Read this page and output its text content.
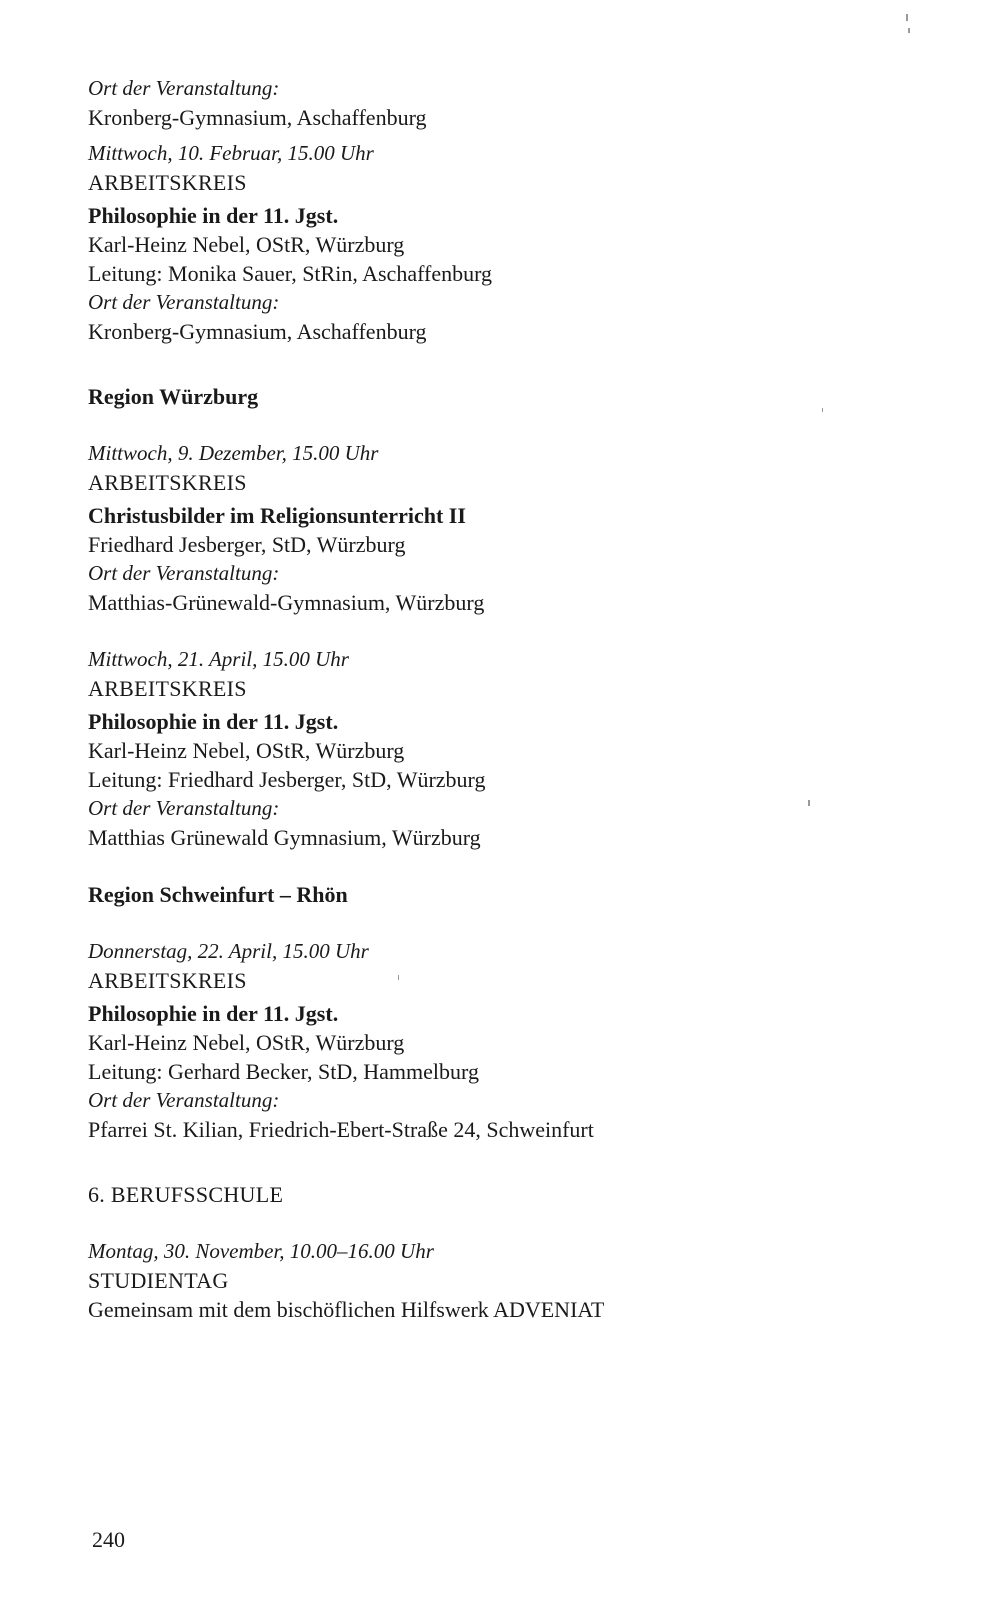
Ort der Veranstaltung:
Kronberg-Gymnasium, Aschaffenburg
Mittwoch, 10. Februar, 15.00 Uhr
ARBEITSKREIS
Philosophie in der 11. Jgst.
Karl-Heinz Nebel, OStR, Würzburg
Leitung: Monika Sauer, StRin, Aschaffenburg
Ort der Veranstaltung:
Kronberg-Gymnasium, Aschaffenburg
Region Würzburg
Mittwoch, 9. Dezember, 15.00 Uhr
ARBEITSKREIS
Christusbilder im Religionsunterricht II
Friedhard Jesberger, StD, Würzburg
Ort der Veranstaltung:
Matthias-Grünewald-Gymnasium, Würzburg
Mittwoch, 21. April, 15.00 Uhr
ARBEITSKREIS
Philosophie in der 11. Jgst.
Karl-Heinz Nebel, OStR, Würzburg
Leitung: Friedhard Jesberger, StD, Würzburg
Ort der Veranstaltung:
Matthias Grünewald Gymnasium, Würzburg
Region Schweinfurt – Rhön
Donnerstag, 22. April, 15.00 Uhr
ARBEITSKREIS
Philosophie in der 11. Jgst.
Karl-Heinz Nebel, OStR, Würzburg
Leitung: Gerhard Becker, StD, Hammelburg
Ort der Veranstaltung:
Pfarrei St. Kilian, Friedrich-Ebert-Straße 24, Schweinfurt
6. BERUFSSCHULE
Montag, 30. November, 10.00–16.00 Uhr
STUDIENTAG
Gemeinsam mit dem bischöflichen Hilfswerk ADVENIAT
240
